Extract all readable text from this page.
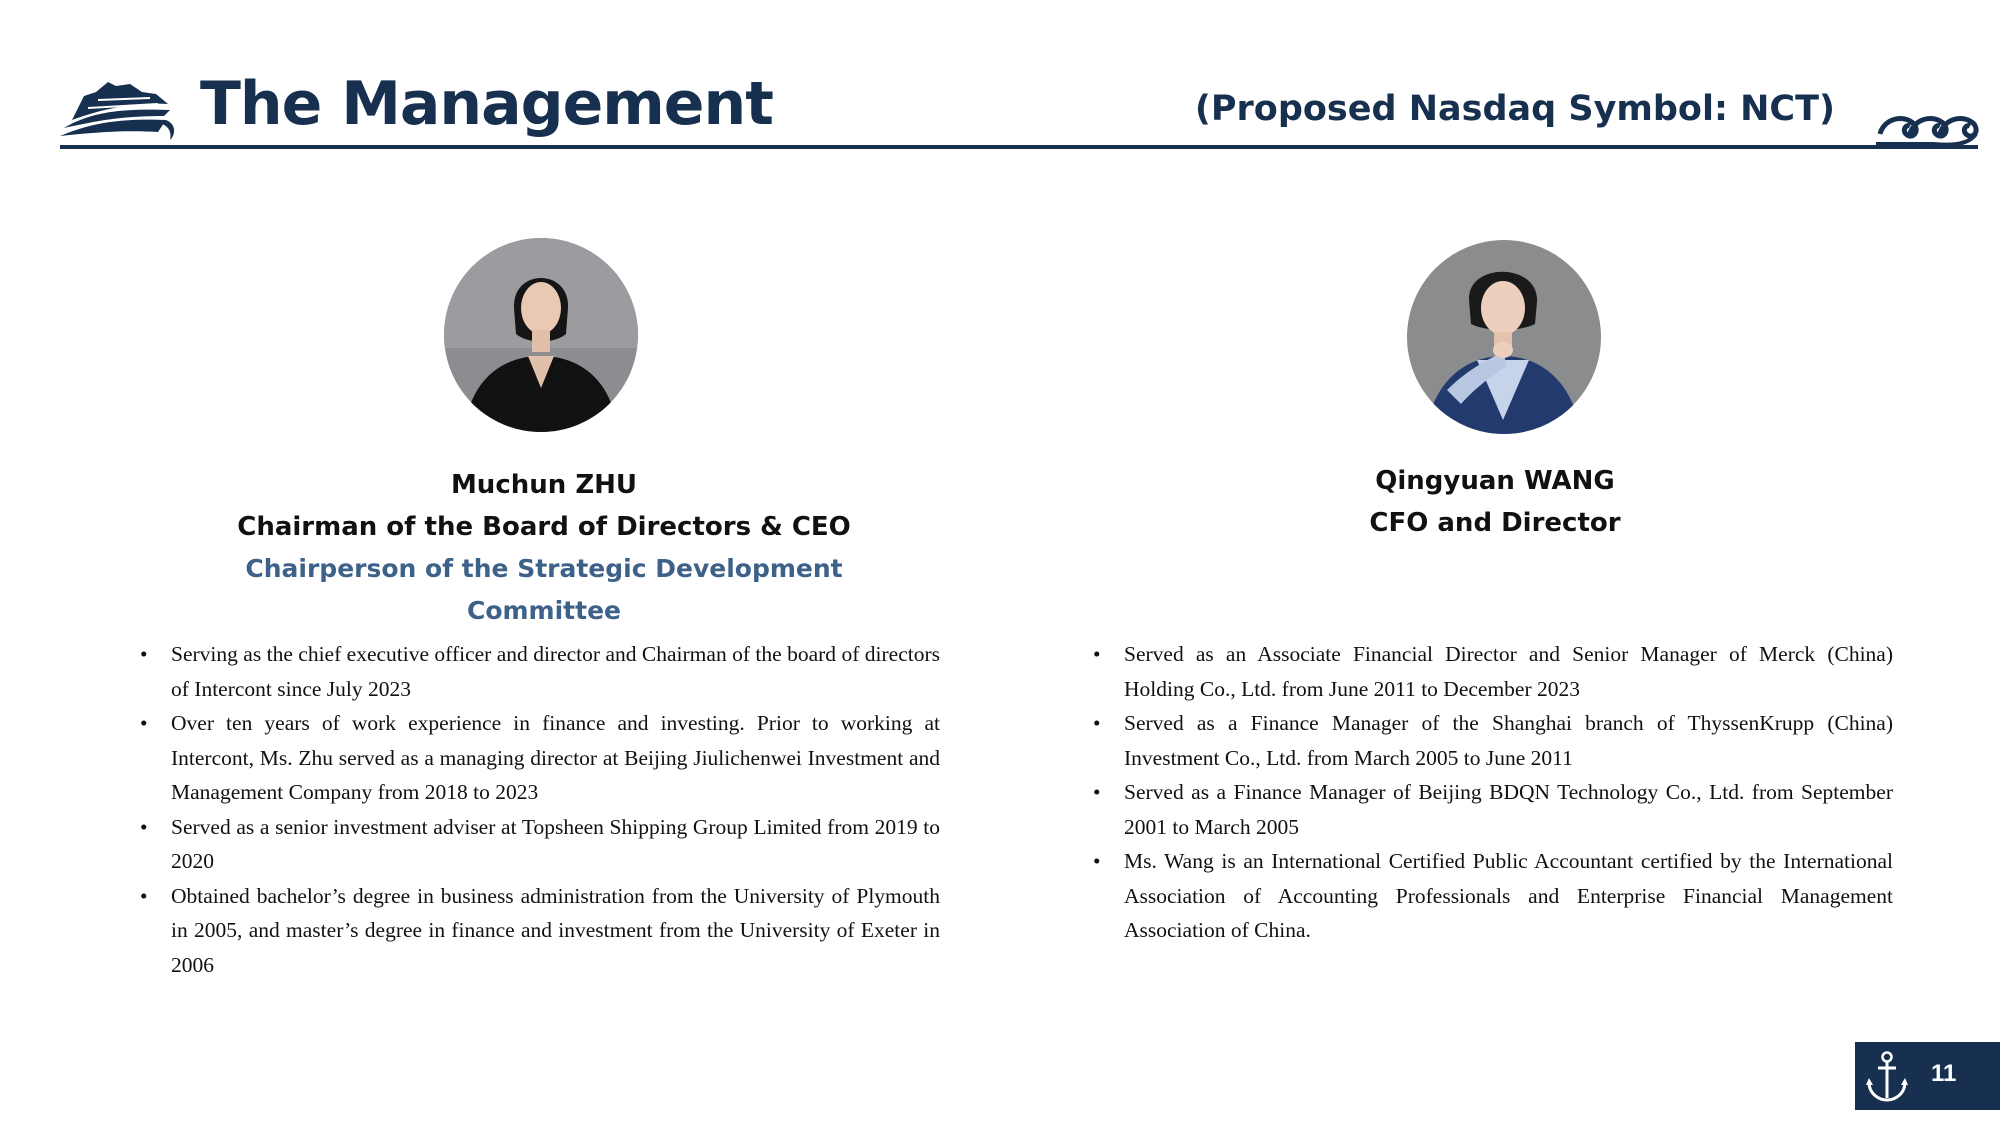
The Management	(Proposed Nasdaq Symbol: NCT)
Muchun ZHU
Chairman of the Board of Directors & CEO
Chairperson of the Strategic Development Committee
Qingyuan WANG
CFO and Director
• Serving as the chief executive officer and director and Chairman of the board of directors of Intercont since July 2023
• Over ten years of work experience in finance and investing. Prior to working at Intercont, Ms. Zhu served as a managing director at Beijing Jiulichenwei Investment and Management Company from 2018 to 2023
• Served as a senior investment adviser at Topsheen Shipping Group Limited from 2019 to 2020
• Obtained bachelor’s degree in business administration from the University of Plymouth in 2005, and master’s degree in finance and investment from the University of Exeter in 2006
• Served as an Associate Financial Director and Senior Manager of Merck (China) Holding Co., Ltd. from June 2011 to December 2023
• Served as a Finance Manager of the Shanghai branch of ThyssenKrupp (China) Investment Co., Ltd. from March 2005 to June 2011
• Served as a Finance Manager of Beijing BDQN Technology Co., Ltd. from September 2001 to March 2005
• Ms. Wang is an International Certified Public Accountant certified by the International Association of Accounting Professionals and Enterprise Financial Management Association of China.
11
